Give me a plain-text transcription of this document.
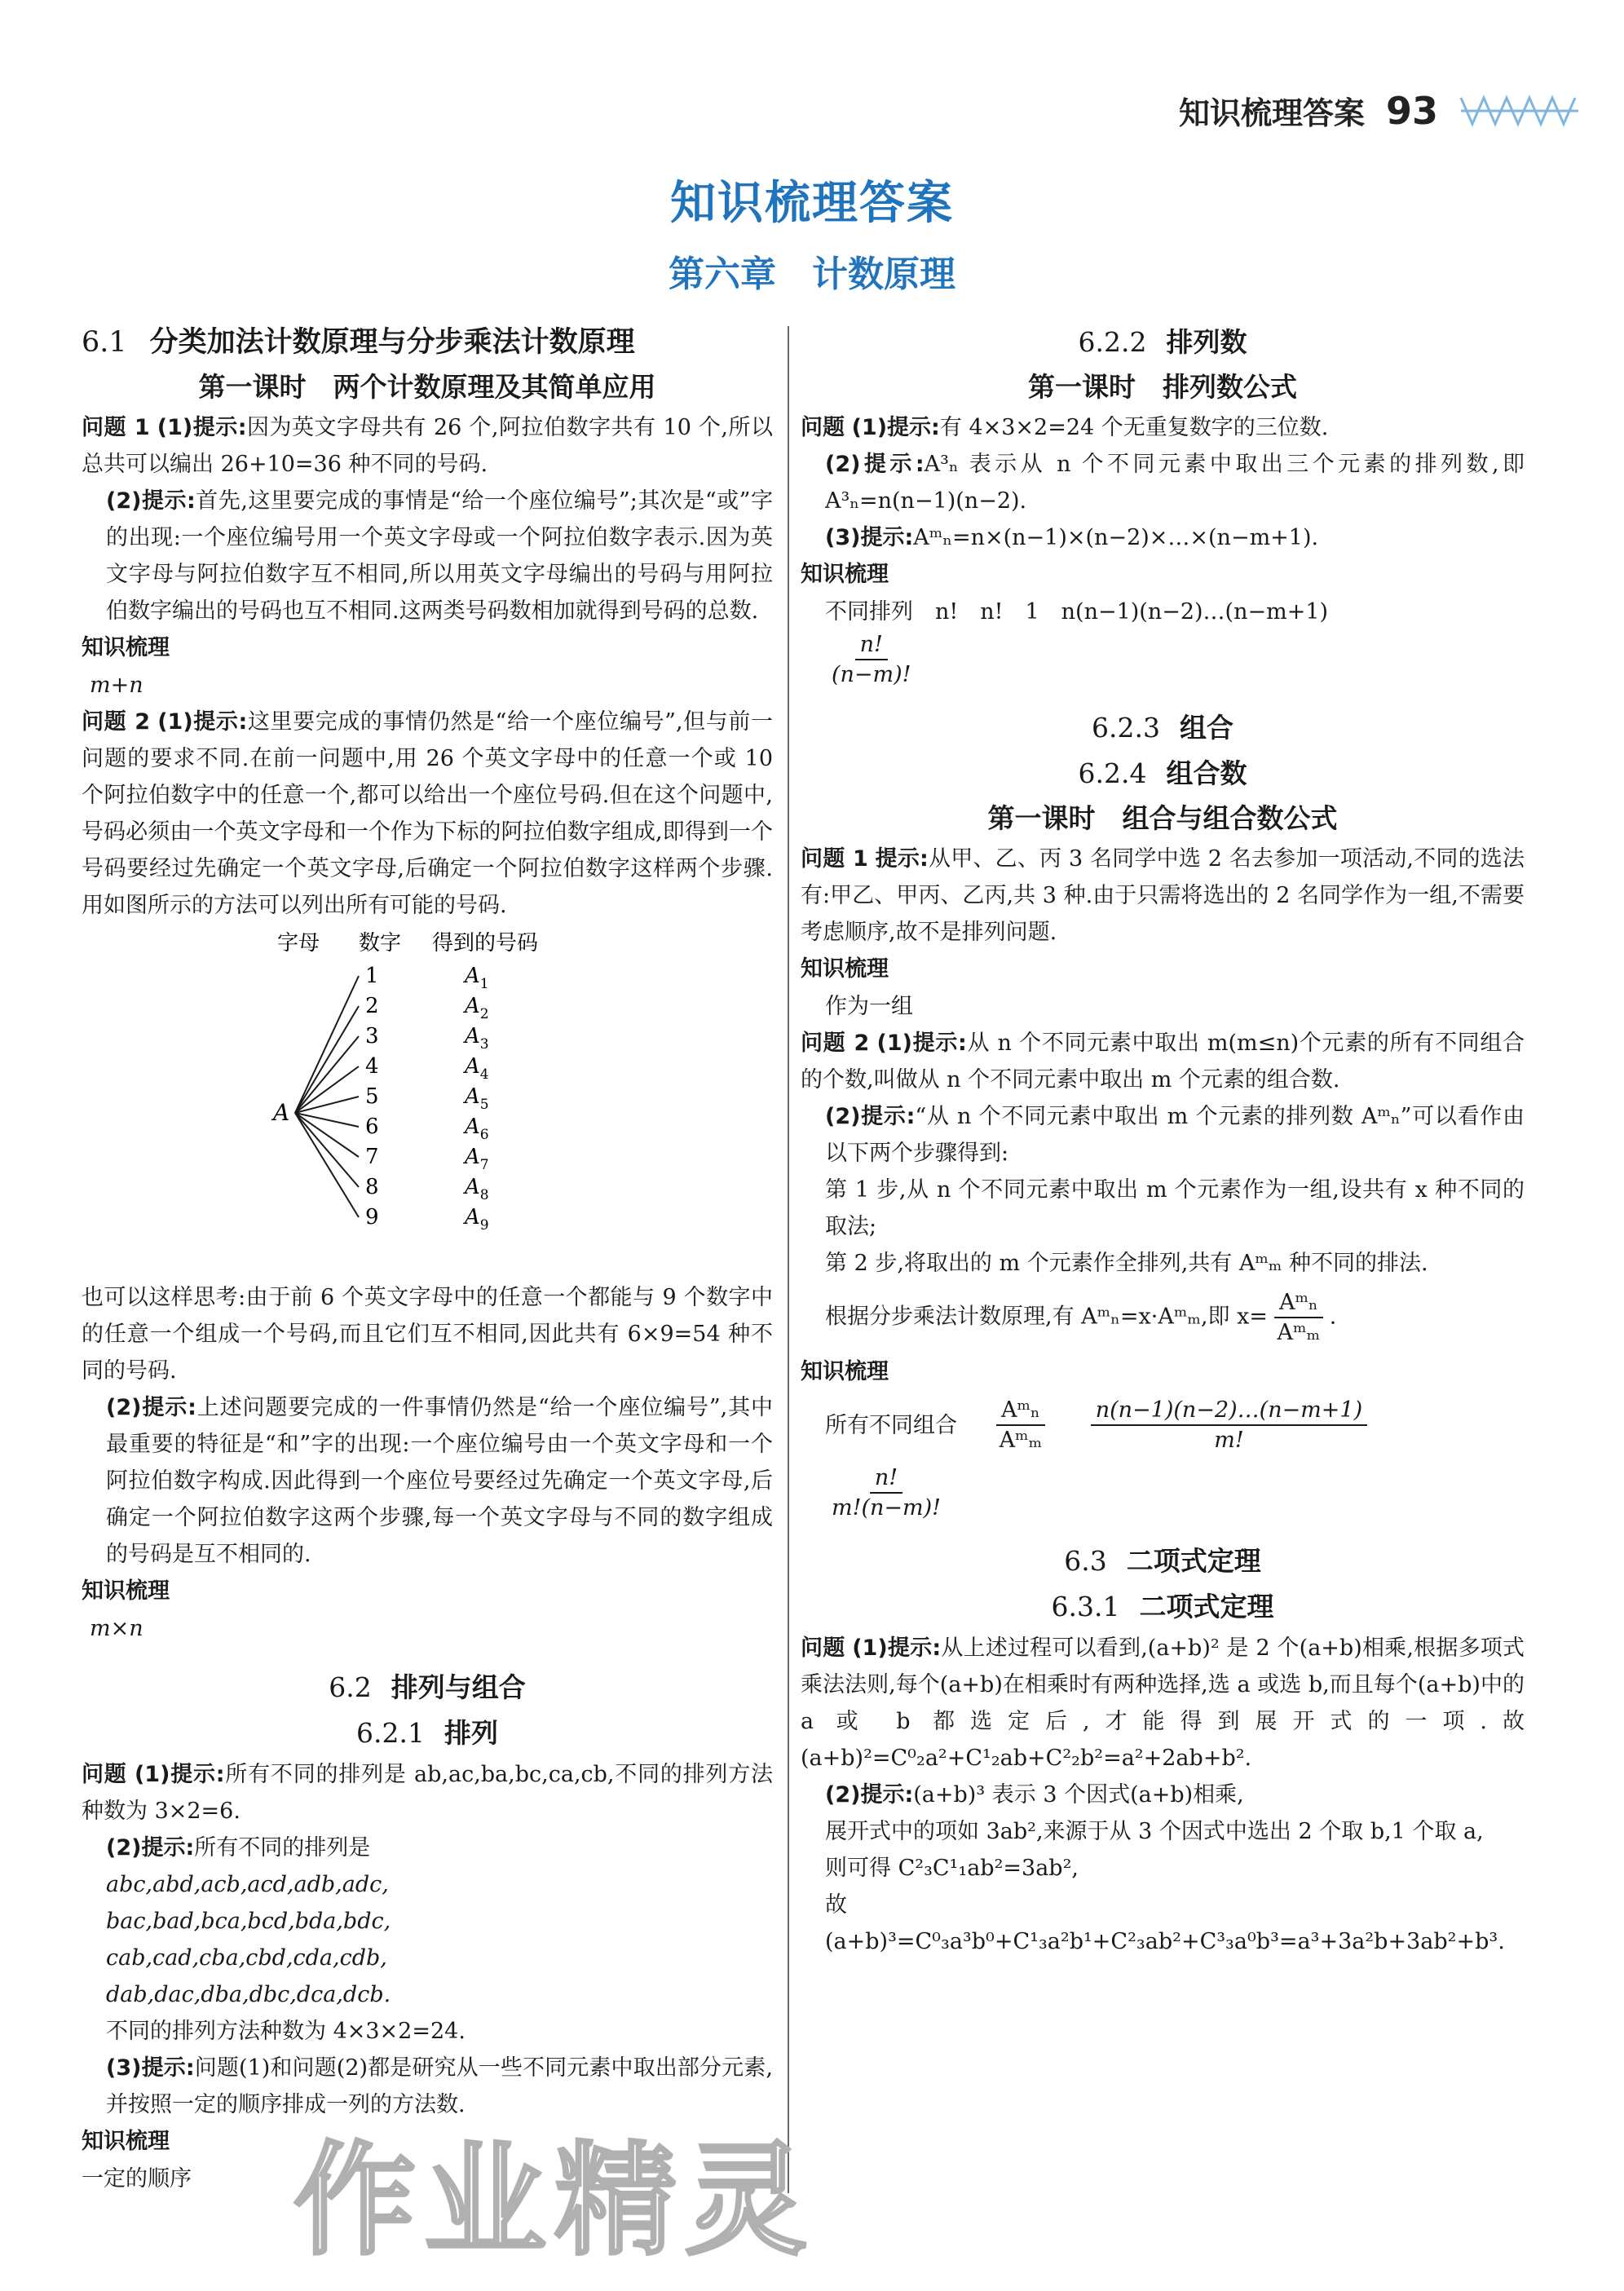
知识梳理答案 93
知识梳理答案
第六章　计数原理
6.1 分类加法计数原理与分步乘法计数原理
第一课时　两个计数原理及其简单应用
问题 1 (1)提示:因为英文字母共有 26 个,阿拉伯数字共有 10 个,所以总共可以编出 26+10=36 种不同的号码.
(2)提示:首先,这里要完成的事情是“给一个座位编号”;其次是“或”字的出现:一个座位编号用一个英文字母或一个阿拉伯数字表示.因为英文字母与阿拉伯数字互不相同,所以用英文字母编出的号码与用阿拉伯数字编出的号码也互不相同.这两类号码数相加就得到号码的总数.
知识梳理
m+n
问题 2 (1)提示:这里要完成的事情仍然是“给一个座位编号”,但与前一问题的要求不同.在前一问题中,用 26 个英文字母中的任意一个或 10 个阿拉伯数字中的任意一个,都可以给出一个座位号码.但在这个问题中,号码必须由一个英文字母和一个作为下标的阿拉伯数字组成,即得到一个号码要经过先确定一个英文字母,后确定一个阿拉伯数字这样两个步骤.用如图所示的方法可以列出所有可能的号码.
字母 数字 得到的号码
A
1	$A_1$
2	$A_2$
3	$A_3$
4	$A_4$
5	$A_5$
6	$A_6$
7	$A_7$
8	$A_8$
9	$A_9$
也可以这样思考:由于前 6 个英文字母中的任意一个都能与 9 个数字中的任意一个组成一个号码,而且它们互不相同,因此共有 6×9=54 种不同的号码.
(2)提示:上述问题要完成的一件事情仍然是“给一个座位编号”,其中最重要的特征是“和”字的出现:一个座位编号由一个英文字母和一个阿拉伯数字构成.因此得到一个座位号要经过先确定一个英文字母,后确定一个阿拉伯数字这两个步骤,每一个英文字母与不同的数字组成的号码是互不相同的.
知识梳理
m×n
6.2 排列与组合
6.2.1 排列
问题 (1)提示:所有不同的排列是 ab,ac,ba,bc,ca,cb,不同的排列方法种数为 3×2=6.
(2)提示:所有不同的排列是
abc,abd,acb,acd,adb,adc,
bac,bad,bca,bcd,bda,bdc,
cab,cad,cba,cbd,cda,cdb,
dab,dac,dba,dbc,dca,dcb.
不同的排列方法种数为 4×3×2=24.
(3)提示:问题(1)和问题(2)都是研究从一些不同元素中取出部分元素,并按照一定的顺序排成一列的方法数.
知识梳理
一定的顺序
6.2.2 排列数
第一课时　排列数公式
问题 (1)提示:有 4×3×2=24 个无重复数字的三位数.
(2)提示:A³ₙ 表示从 n 个不同元素中取出三个元素的排列数,即 A³ₙ=n(n−1)(n−2).
(3)提示:Aᵐₙ=n×(n−1)×(n−2)×…×(n−m+1).
知识梳理
不同排列　n!　n!　1　n(n−1)(n−2)…(n−m+1)
$\frac{n!}{(n-m)!}$
6.2.3 组合
6.2.4 组合数
第一课时　组合与组合数公式
问题 1 提示:从甲、乙、丙 3 名同学中选 2 名去参加一项活动,不同的选法有:甲乙、甲丙、乙丙,共 3 种.由于只需将选出的 2 名同学作为一组,不需要考虑顺序,故不是排列问题.
知识梳理
作为一组
问题 2 (1)提示:从 n 个不同元素中取出 m(m≤n)个元素的所有不同组合的个数,叫做从 n 个不同元素中取出 m 个元素的组合数.
(2)提示:“从 n 个不同元素中取出 m 个元素的排列数 Aᵐₙ”可以看作由以下两个步骤得到:
第 1 步,从 n 个不同元素中取出 m 个元素作为一组,设共有 x 种不同的取法;
第 2 步,将取出的 m 个元素作全排列,共有 Aᵐₘ 种不同的排法.
根据分步乘法计数原理,有 Aᵐₙ=x·Aᵐₘ,即 $x= \frac{\text{Aᵐₙ}}{\text{Aᵐₘ}}$ .
知识梳理
所有不同组合 $\frac{\text{Aᵐₙ}}{\text{Aᵐₘ}} \frac{n(n-1)(n-2)\dots(n-m+1)}{m!}$
$\frac{n!}{m!(n-m)!}$
6.3 二项式定理
6.3.1 二项式定理
问题 (1)提示:从上述过程可以看到,(a+b)² 是 2 个(a+b)相乘,根据多项式乘法法则,每个(a+b)在相乘时有两种选择,选 a 或选 b,而且每个(a+b)中的 a 或 b 都选定后,才能得到展开式的一项.故(a+b)²=C⁰₂a²+C¹₂ab+C²₂b²=a²+2ab+b².
(2)提示:(a+b)³ 表示 3 个因式(a+b)相乘,
展开式中的项如 3ab²,来源于从 3 个因式中选出 2 个取 b,1 个取 a,
则可得 C²₃C¹₁ab²=3ab²,
故(a+b)³=C⁰₃a³b⁰+C¹₃a²b¹+C²₃ab²+C³₃a⁰b³=a³+3a²b+3ab²+b³.
作业精灵
